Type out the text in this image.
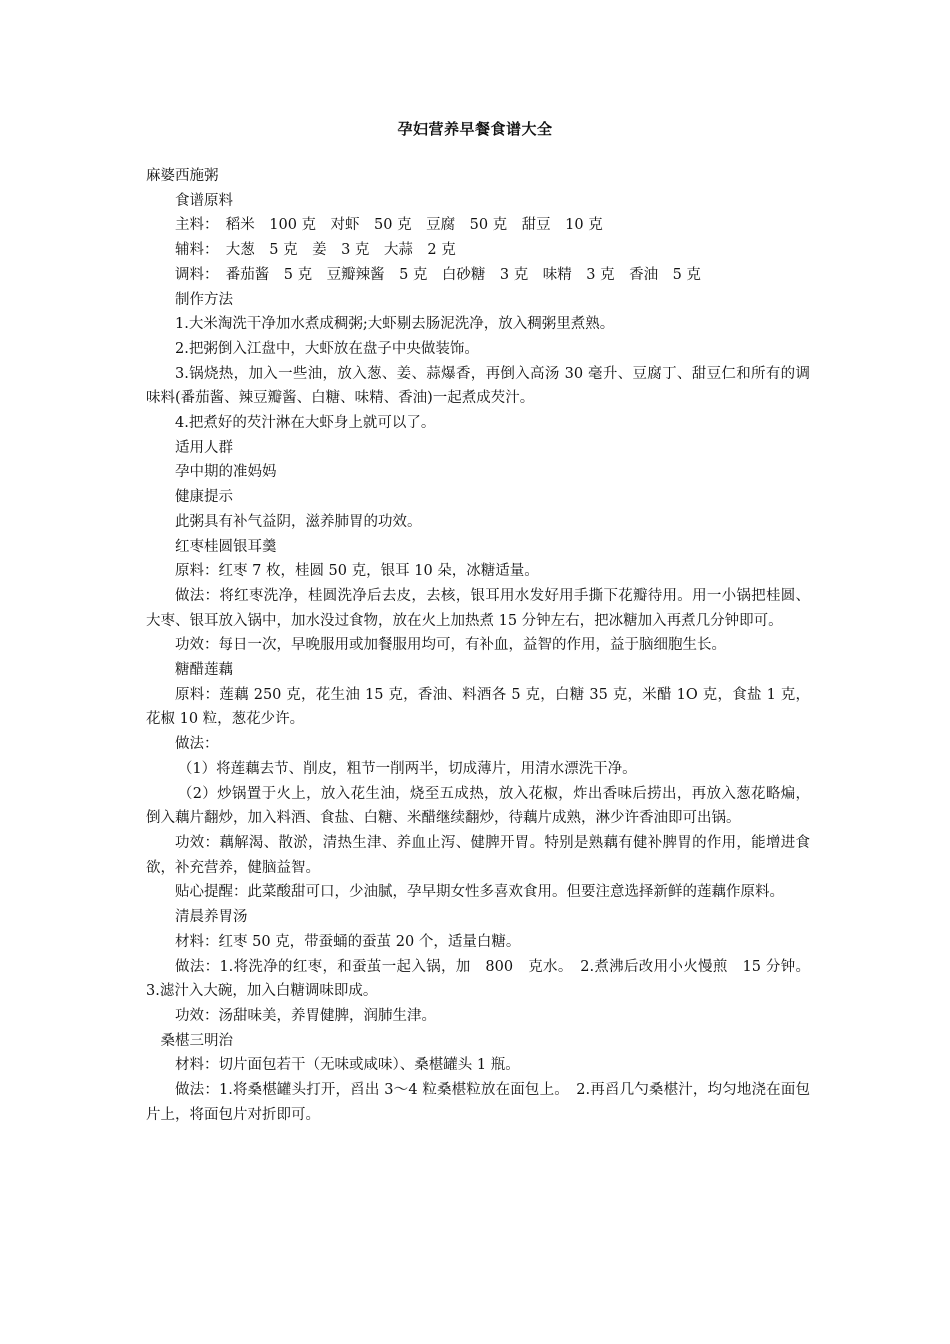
孕妇营养早餐食谱大全

麻婆西施粥

食谱原料

主料：　稻米　100 克　对虾　50 克　豆腐　50 克　甜豆　10 克

辅料：　大葱　5 克　姜　3 克　大蒜　2 克

调料：　番茄酱　5 克　豆瓣辣酱　5 克　白砂糖　3 克　味精　3 克　香油　5 克

制作方法

1.大米淘洗干净加水煮成稠粥;大虾剔去肠泥洗净，放入稠粥里煮熟。

2.把粥倒入江盘中，大虾放在盘子中央做装饰。

3.锅烧热，加入一些油，放入葱、姜、蒜爆香，再倒入高汤 30 毫升、豆腐丁、甜豆仁和所有的调味料(番茄酱、辣豆瓣酱、白糖、味精、香油)一起煮成芡汁。

4.把煮好的芡汁淋在大虾身上就可以了。

适用人群

孕中期的准妈妈

健康提示

此粥具有补气益阴，滋养肺胃的功效。

红枣桂圆银耳羹

原料：红枣 7 枚，桂圆 50 克，银耳 10 朵，冰糖适量。

做法：将红枣洗净，桂圆洗净后去皮，去核，银耳用水发好用手撕下花瓣待用。用一小锅把桂圆、大枣、银耳放入锅中，加水没过食物，放在火上加热煮 15 分钟左右，把冰糖加入再煮几分钟即可。

功效：每日一次，早晚服用或加餐服用均可，有补血，益智的作用，益于脑细胞生长。

糖醋莲藕

原料：莲藕 250 克，花生油 15 克，香油、料酒各 5 克，白糖 35 克，米醋 1O 克，食盐 1 克，花椒 10 粒，葱花少许。

做法：

（1）将莲藕去节、削皮，粗节一削两半，切成薄片，用清水漂洗干净。

（2）炒锅置于火上，放入花生油，烧至五成热，放入花椒，炸出香味后捞出，再放入葱花略煸，倒入藕片翻炒，加入料酒、食盐、白糖、米醋继续翻炒，待藕片成熟，淋少许香油即可出锅。

功效：藕解渴、散淤，清热生津、养血止泻、健脾开胃。特别是熟藕有健补脾胃的作用，能增进食欲，补充营养，健脑益智。

贴心提醒：此菜酸甜可口，少油腻，孕早期女性多喜欢食用。但要注意选择新鲜的莲藕作原料。

清晨养胃汤

材料：红枣 50 克，带蚕蛹的蚕茧 20 个，适量白糖。

做法：1.将洗净的红枣，和蚕茧一起入锅，加　800　克水。　2.煮沸后改用小火慢煎　15 分钟。3.滤汁入大碗，加入白糖调味即成。

功效：汤甜味美，养胃健脾，润肺生津。

桑椹三明治

材料：切片面包若干（无味或咸味）、桑椹罐头 1 瓶。

做法：1.将桑椹罐头打开，舀出 3～4 粒桑椹粒放在面包上。　2.再舀几勺桑椹汁，均匀地浇在面包片上，将面包片对折即可。
